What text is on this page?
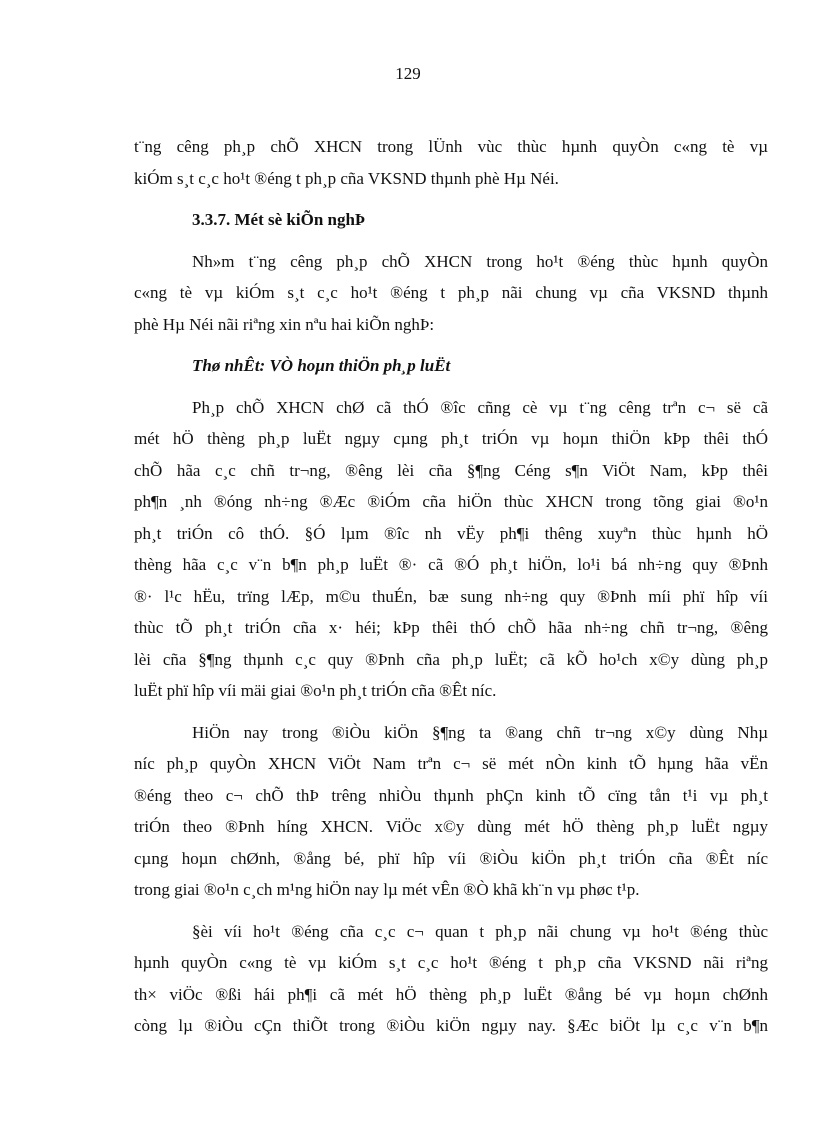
129
t¨ng cêng ph¸p chÕ XHCN trong lÜnh vùc thùc hµnh quyÒn c«ng tè vµ
kiÓm s¸t c¸c ho¹t ®éng t ph¸p cña VKSND thµnh phè Hµ Néi.

3.3.7. Mét sè kiÕn nghÞ

Nh»m t¨ng cêng ph¸p chÕ XHCN trong ho¹t ®éng thùc hµnh quyÒn
c«ng tè vµ kiÓm s¸t c¸c ho¹t ®éng t ph¸p nãi chung vµ cña VKSND thµnh
phè Hµ Néi nãi riªng xin nªu hai kiÕn nghÞ:

Thø nhÊt: VÒ hoµn thiÖn ph¸p luËt

Ph¸p chÕ XHCN chØ cã thÓ ®îc cñng cè vµ t¨ng cêng trªn c¬ së cã
mét hÖ thèng ph¸p luËt ngµy cµng ph¸t triÓn vµ hoµn thiÖn kÞp thêi thÓ
chÕ hãa c¸c chñ tr¬ng, ®êng lèi cña §¶ng Céng s¶n ViÖt Nam, kÞp thêi
ph¶n ¸nh ®óng nh÷ng ®Æc ®iÓm cña hiÖn thùc XHCN trong tõng giai ®o¹n
ph¸t triÓn cô thÓ. §Ó lµm ®îc nh vËy ph¶i thêng xuyªn thùc hµnh hÖ
thèng hãa c¸c v¨n b¶n ph¸p luËt ®· cã ®Ó ph¸t hiÖn, lo¹i bá nh÷ng quy ®Þnh
®· l¹c hËu, trïng lÆp, m©u thuÉn, bæ sung nh÷ng quy ®Þnh míi phï hîp víi
thùc tÕ ph¸t triÓn cña x· héi; kÞp thêi thÓ chÕ hãa nh÷ng chñ tr¬ng, ®êng
lèi cña §¶ng thµnh c¸c quy ®Þnh cña ph¸p luËt; cã kÕ ho¹ch x©y dùng ph¸p
luËt phï hîp víi mäi giai ®o¹n ph¸t triÓn cña ®Êt níc.
HiÖn nay trong ®iÒu kiÖn §¶ng ta ®ang chñ tr¬ng x©y dùng Nhµ
níc ph¸p quyÒn XHCN ViÖt Nam trªn c¬ së mét nÒn kinh tÕ hµng hãa vËn
®éng theo c¬ chÕ thÞ trêng nhiÒu thµnh phÇn kinh tÕ cïng tån t¹i vµ ph¸t
triÓn theo ®Þnh híng XHCN. ViÖc x©y dùng mét hÖ thèng ph¸p luËt ngµy
cµng hoµn chØnh, ®ång bé, phï hîp víi ®iÒu kiÖn ph¸t triÓn cña ®Êt níc
trong giai ®o¹n c¸ch m¹ng hiÖn nay lµ mét vÊn ®Ò khã kh¨n vµ phøc t¹p.
§èi víi ho¹t ®éng cña c¸c c¬ quan t ph¸p nãi chung vµ ho¹t ®éng thùc
hµnh quyÒn c«ng tè vµ kiÓm s¸t c¸c ho¹t ®éng t ph¸p cña VKSND nãi riªng
th× viÖc ®ßi hái ph¶i cã mét hÖ thèng ph¸p luËt ®ång bé vµ hoµn chØnh
còng lµ ®iÒu cÇn thiÕt trong ®iÒu kiÖn ngµy nay. §Æc biÖt lµ c¸c v¨n b¶n
